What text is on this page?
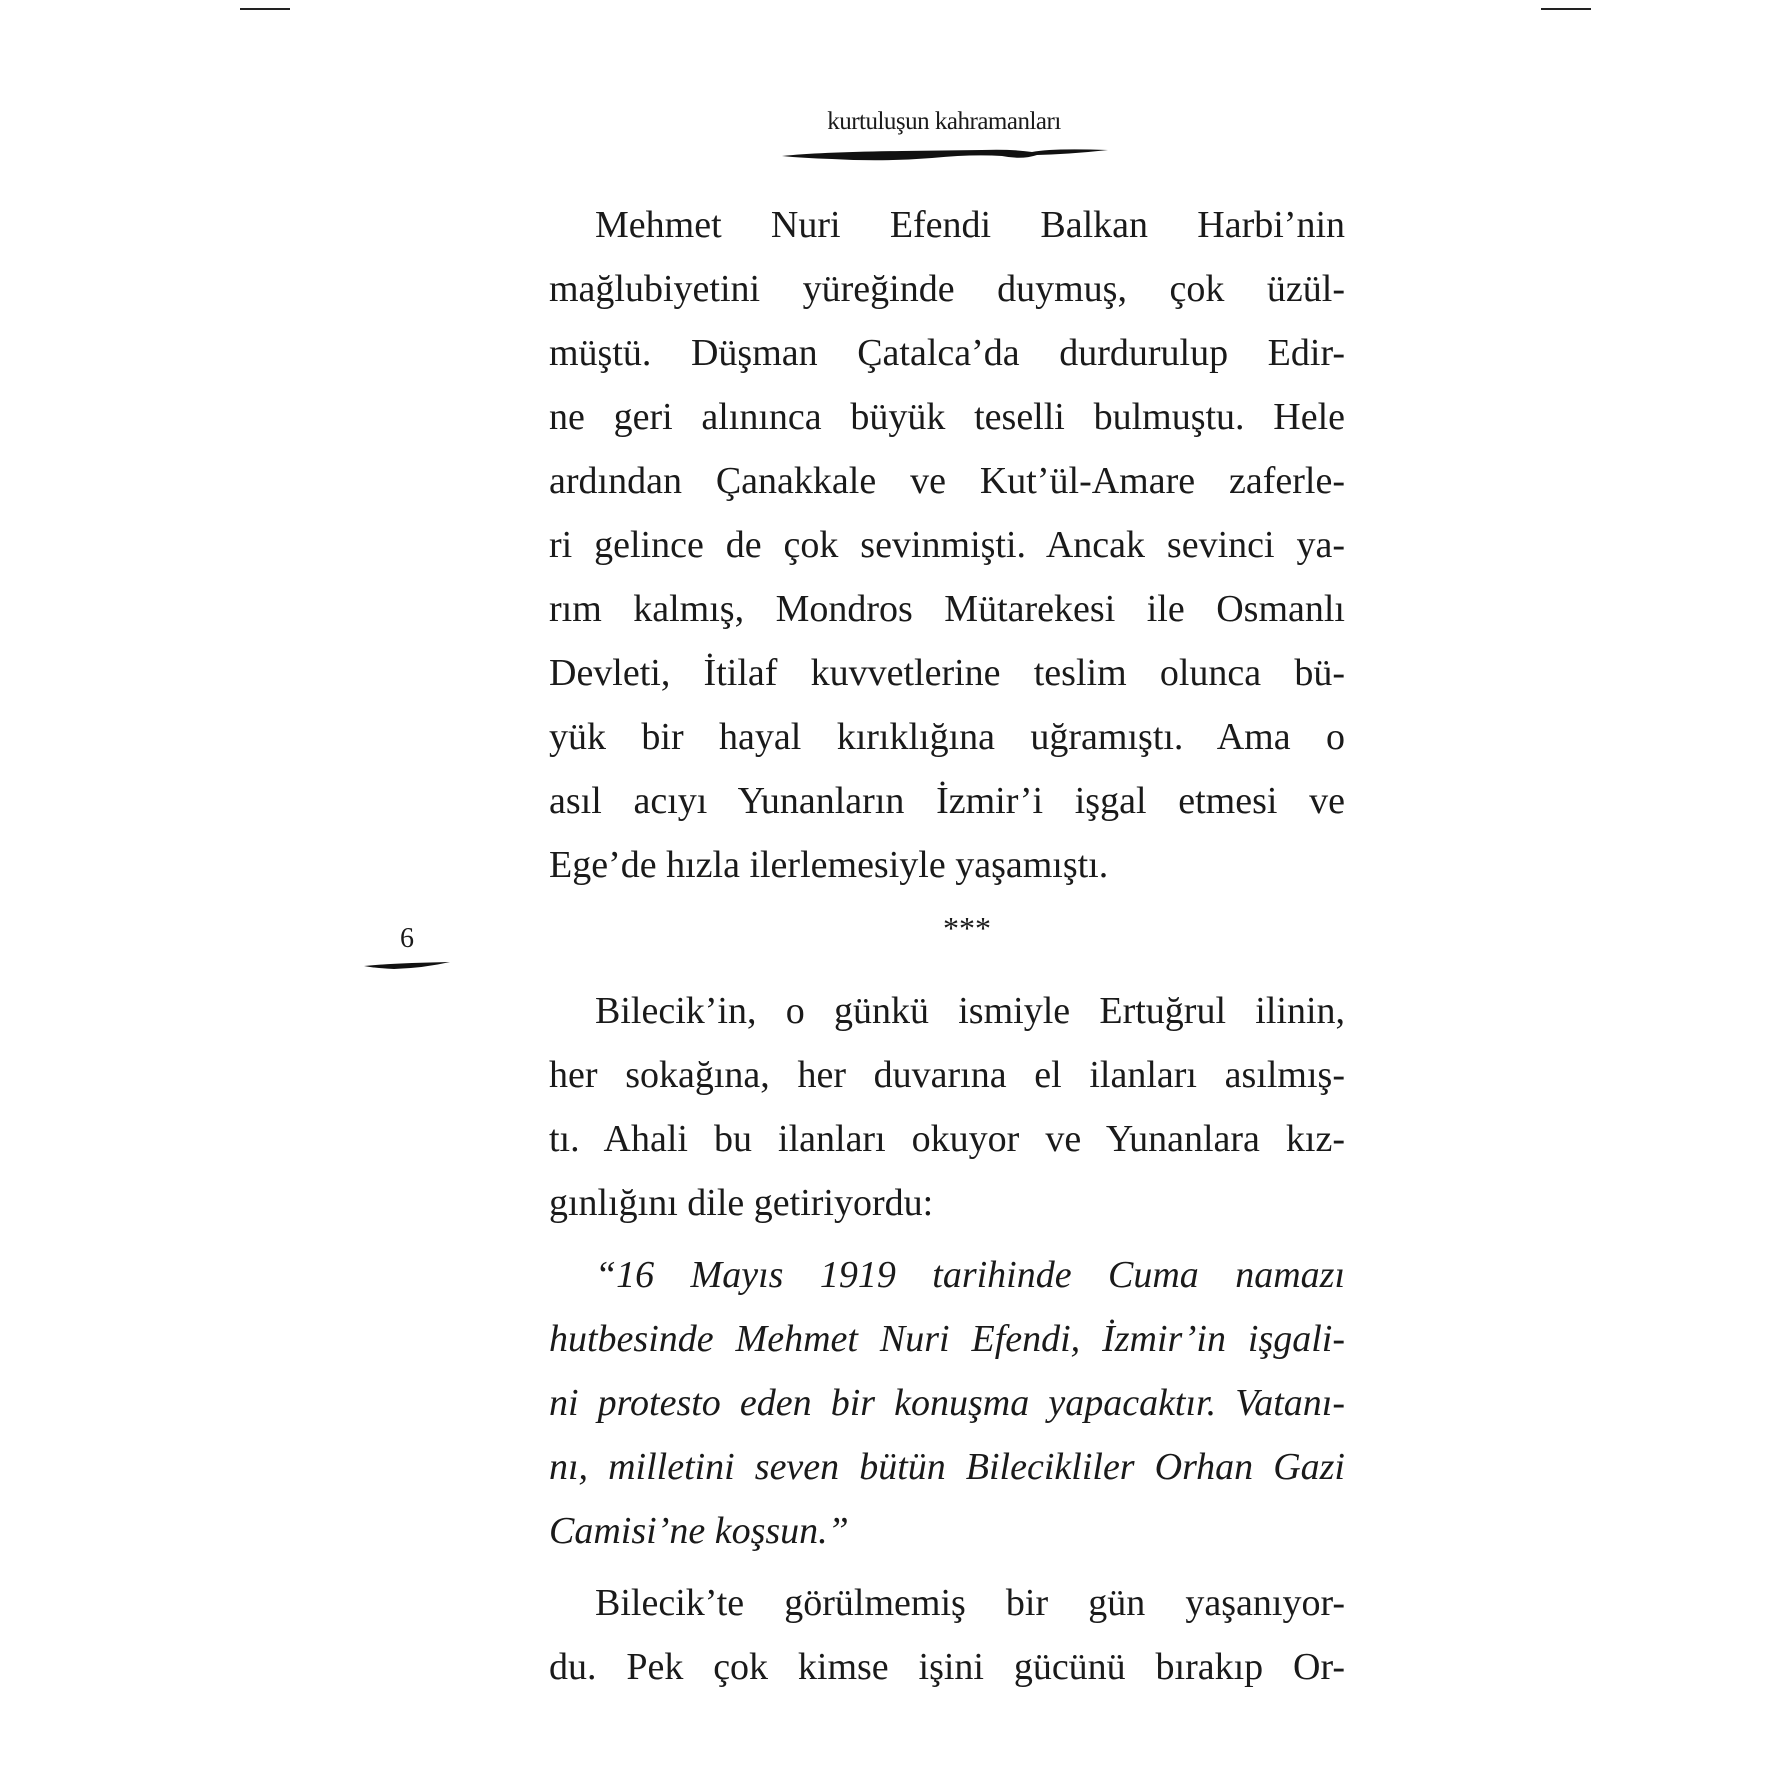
kurtuluşun kahramanları
Mehmet Nuri Efendi Balkan Harbi’nin
mağlubiyetini yüreğinde duymuş, çok üzül-
müştü. Düşman Çatalca’da durdurulup Edir-
ne geri alınınca büyük teselli bulmuştu. Hele
ardından Çanakkale ve Kut’ül-Amare zaferle-
ri gelince de çok sevinmişti. Ancak sevinci ya-
rım kalmış, Mondros Mütarekesi ile Osmanlı
Devleti, İtilaf kuvvetlerine teslim olunca bü-
yük bir hayal kırıklığına uğramıştı. Ama o
asıl acıyı Yunanların İzmir’i işgal etmesi ve
Ege’de hızla ilerlemesiyle yaşamıştı.
6	***
Bilecik’in, o günkü ismiyle Ertuğrul ilinin,
her sokağına, her duvarına el ilanları asılmış-
tı. Ahali bu ilanları okuyor ve Yunanlara kız-
gınlığını dile getiriyordu:
“16 Mayıs 1919 tarihinde Cuma namazı
hutbesinde Mehmet Nuri Efendi, İzmir’in işgali-
ni protesto eden bir konuşma yapacaktır. Vatanı-
nı, milletini seven bütün Bilecikliler Orhan Gazi
Camisi’ne koşsun.”
Bilecik’te görülmemiş bir gün yaşanıyor-
du. Pek çok kimse işini gücünü bırakıp Or-
